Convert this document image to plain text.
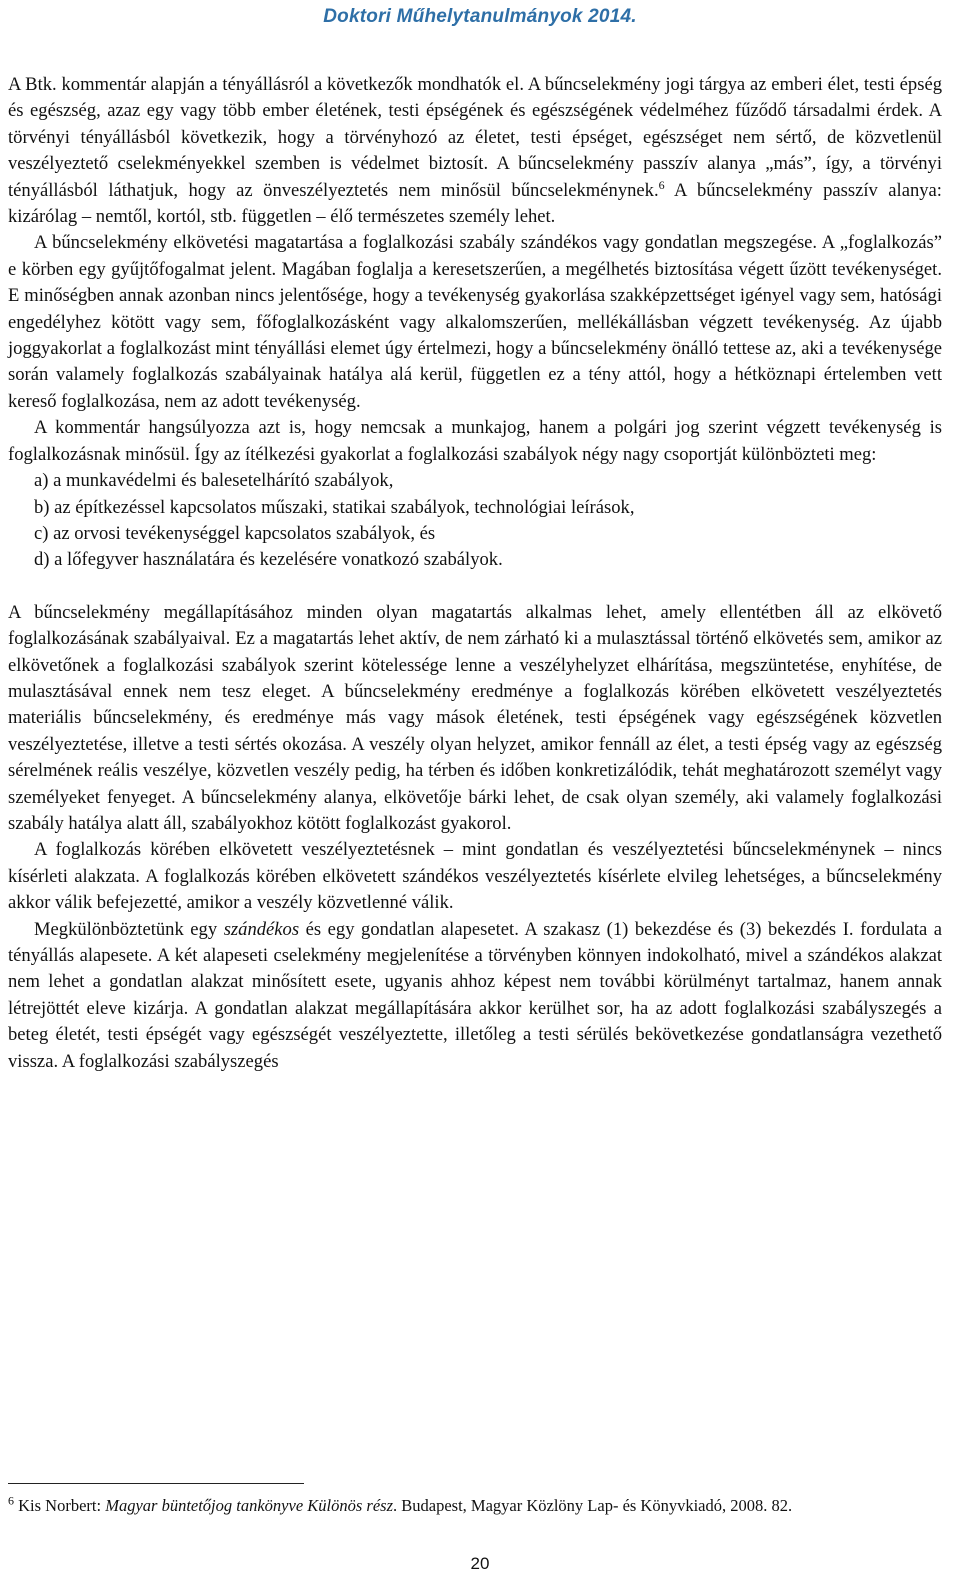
Doktori Műhelytanulmányok 2014.

A Btk. kommentár alapján a tényállásról a következők mondhatók el. A bűncselekmény jogi tárgya az emberi élet, testi épség és egészség, azaz egy vagy több ember életének, testi épségének és egészségének védelméhez fűződő társadalmi érdek. A törvényi tényállásból következik, hogy a törvényhozó az életet, testi épséget, egészséget nem sértő, de közvetlenül veszélyeztető cselekményekkel szemben is védelmet biztosít. A bűncselekmény passzív alanya „más”, így, a törvényi tényállásból láthatjuk, hogy az önveszélyeztetés nem minősül bűncselekménynek.$^6$ A bűncselekmény passzív alanya: kizárólag – nemtől, kortól, stb. független – élő természetes személy lehet.

A bűncselekmény elkövetési magatartása a foglalkozási szabály szándékos vagy gondatlan megszegése. A „foglalkozás” e körben egy gyűjtőfogalmat jelent. Magában foglalja a keresetszerűen, a megélhetés biztosítása végett űzött tevékenységet. E minőségben annak azonban nincs jelentősége, hogy a tevékenység gyakorlása szakképzettséget igényel vagy sem, hatósági engedélyhez kötött vagy sem, főfoglalkozásként vagy alkalomszerűen, mellékállásban végzett tevékenység. Az újabb joggyakorlat a foglalkozást mint tényállási elemet úgy értelmezi, hogy a bűncselekmény önálló tettese az, aki a tevékenysége során valamely foglalkozás szabályainak hatálya alá kerül, független ez a tény attól, hogy a hétköznapi értelemben vett kereső foglalkozása, nem az adott tevékenység.

A kommentár hangsúlyozza azt is, hogy nemcsak a munkajog, hanem a polgári jog szerint végzett tevékenység is foglalkozásnak minősül. Így az ítélkezési gyakorlat a foglalkozási szabályok négy nagy csoportját különbözteti meg:

a) a munkavédelmi és balesetelhárító szabályok,

b) az építkezéssel kapcsolatos műszaki, statikai szabályok, technológiai leírások,

c) az orvosi tevékenységgel kapcsolatos szabályok, és

d) a lőfegyver használatára és kezelésére vonatkozó szabályok.

A bűncselekmény megállapításához minden olyan magatartás alkalmas lehet, amely ellentétben áll az elkövető foglalkozásának szabályaival. Ez a magatartás lehet aktív, de nem zárható ki a mulasztással történő elkövetés sem, amikor az elkövetőnek a foglalkozási szabályok szerint kötelessége lenne a veszélyhelyzet elhárítása, megszüntetése, enyhítése, de mulasztásával ennek nem tesz eleget. A bűncselekmény eredménye a foglalkozás körében elkövetett veszélyeztetés materiális bűncselekmény, és eredménye más vagy mások életének, testi épségének vagy egészségének közvetlen veszélyeztetése, illetve a testi sértés okozása. A veszély olyan helyzet, amikor fennáll az élet, a testi épség vagy az egészség sérelmének reális veszélye, közvetlen veszély pedig, ha térben és időben konkretizálódik, tehát meghatározott személyt vagy személyeket fenyeget. A bűncselekmény alanya, elkövetője bárki lehet, de csak olyan személy, aki valamely foglalkozási szabály hatálya alatt áll, szabályokhoz kötött foglalkozást gyakorol.

A foglalkozás körében elkövetett veszélyeztetésnek – mint gondatlan és veszélyeztetési bűncselekménynek – nincs kísérleti alakzata. A foglalkozás körében elkövetett szándékos veszélyeztetés kísérlete elvileg lehetséges, a bűncselekmény akkor válik befejezetté, amikor a veszély közvetlenné válik.

Megkülönböztetünk egy szándékos és egy gondatlan alapesetet. A szakasz (1) bekezdése és (3) bekezdés I. fordulata a tényállás alapesete. A két alapeseti cselekmény megjelenítése a törvényben könnyen indokolható, mivel a szándékos alakzat nem lehet a gondatlan alakzat minősített esete, ugyanis ahhoz képest nem további körülményt tartalmaz, hanem annak létrejöttét eleve kizárja. A gondatlan alakzat megállapítására akkor kerülhet sor, ha az adott foglalkozási szabályszegés a beteg életét, testi épségét vagy egészségét veszélyeztette, illetőleg a testi sérülés bekövetkezése gondatlanságra vezethető vissza. A foglalkozási szabályszegés

$^6$ Kis Norbert: Magyar büntetőjog tankönyve Különös rész. Budapest, Magyar Közlöny Lap- és Könyvkiadó, 2008. 82.

20
